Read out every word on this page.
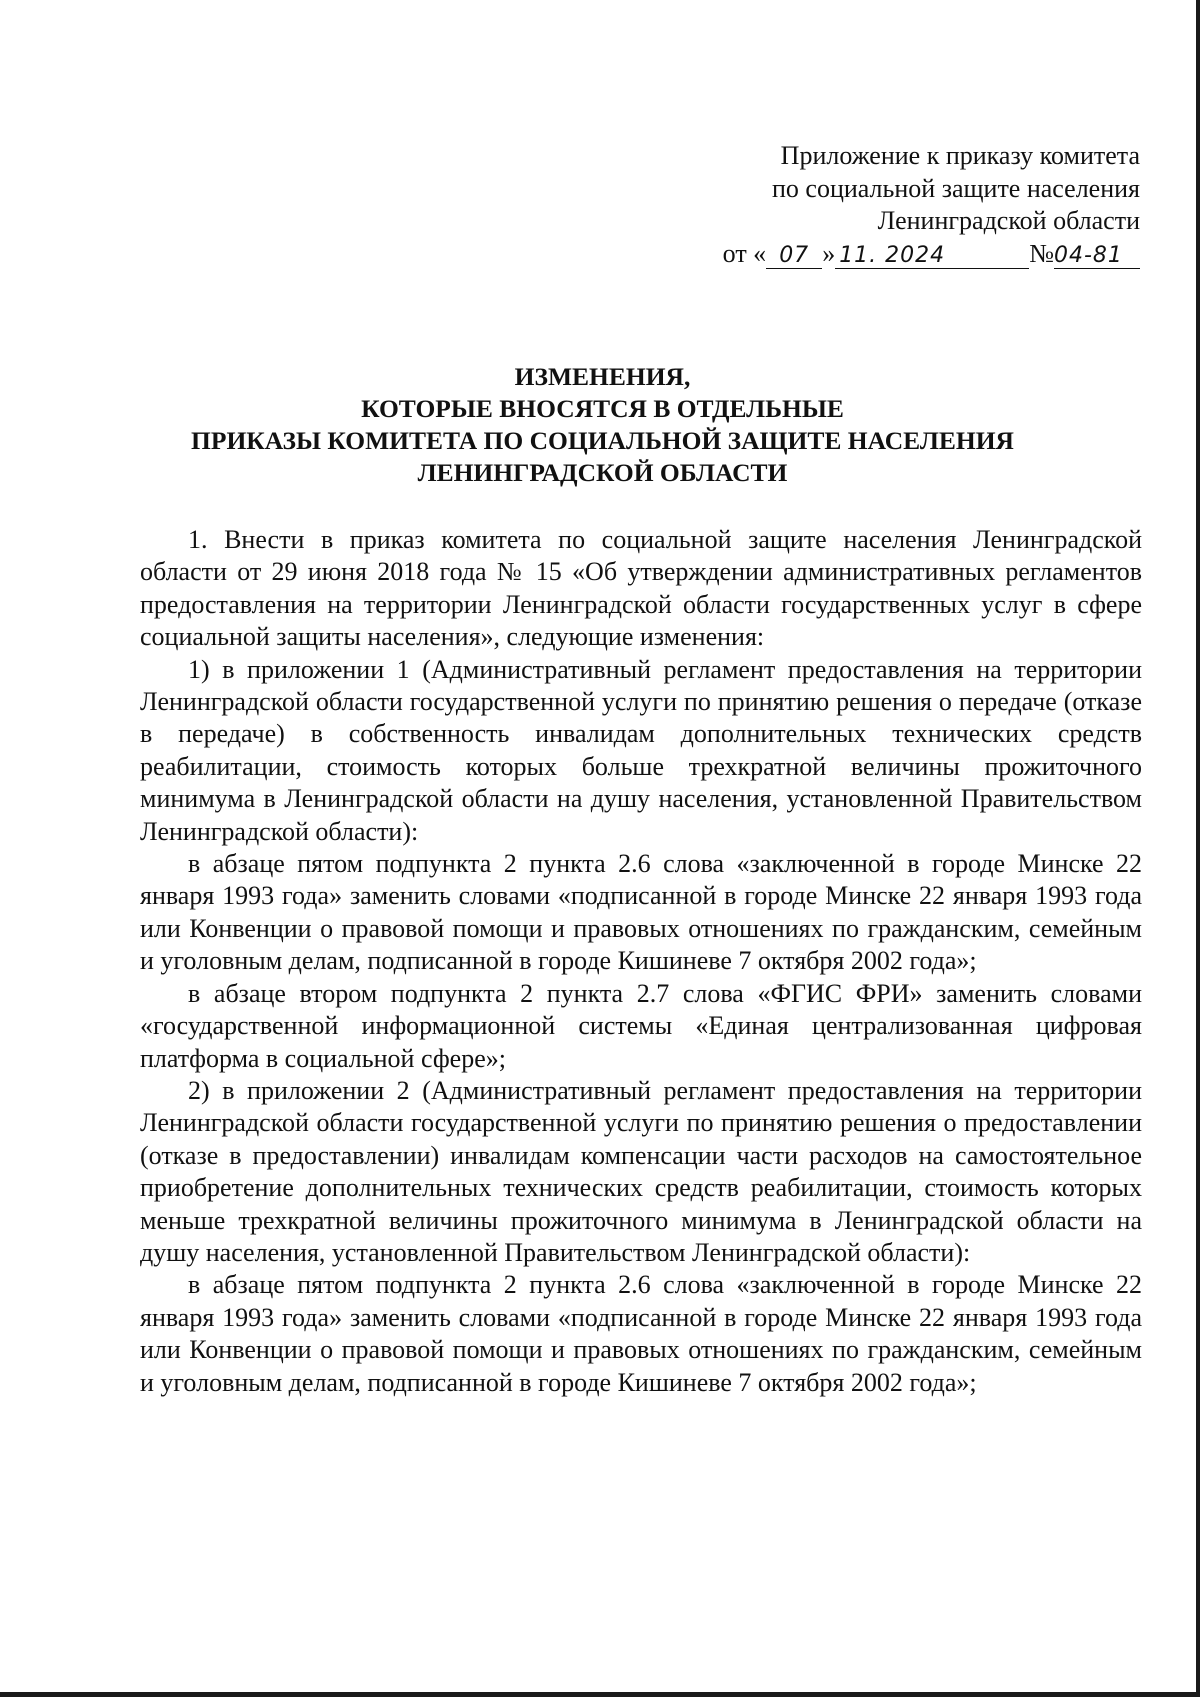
Приложение к приказу комитета
по социальной защите населения
Ленинградской области
от « 07 » 11. 2024	№04-81
ИЗМЕНЕНИЯ,
КОТОРЫЕ ВНОСЯТСЯ В ОТДЕЛЬНЫЕ
ПРИКАЗЫ КОМИТЕТА ПО СОЦИАЛЬНОЙ ЗАЩИТЕ НАСЕЛЕНИЯ
ЛЕНИНГРАДСКОЙ ОБЛАСТИ

1. Внести в приказ комитета по социальной защите населения Ленинградской области от 29 июня 2018 года № 15 «Об утверждении административных регламентов предоставления на территории Ленинградской области государственных услуг в сфере социальной защиты населения», следующие изменения:

1) в приложении 1 (Административный регламент предоставления на территории Ленинградской области государственной услуги по принятию решения о передаче (отказе в передаче) в собственность инвалидам дополнительных технических средств реабилитации, стоимость которых больше трехкратной величины прожиточного минимума в Ленинградской области на душу населения, установленной Правительством Ленинградской области):

в абзаце пятом подпункта 2 пункта 2.6 слова «заключенной в городе Минске 22 января 1993 года» заменить словами «подписанной в городе Минске 22 января 1993 года или Конвенции о правовой помощи и правовых отношениях по гражданским, семейным и уголовным делам, подписанной в городе Кишиневе 7 октября 2002 года»;

в абзаце втором подпункта 2 пункта 2.7 слова «ФГИС ФРИ» заменить словами «государственной информационной системы «Единая централизованная цифровая платформа в социальной сфере»;

2) в приложении 2 (Административный регламент предоставления на территории Ленинградской области государственной услуги по принятию решения о предоставлении (отказе в предоставлении) инвалидам компенсации части расходов на самостоятельное приобретение дополнительных технических средств реабилитации, стоимость которых меньше трехкратной величины прожиточного минимума в Ленинградской области на душу населения, установленной Правительством Ленинградской области):

в абзаце пятом подпункта 2 пункта 2.6 слова «заключенной в городе Минске 22 января 1993 года» заменить словами «подписанной в городе Минске 22 января 1993 года или Конвенции о правовой помощи и правовых отношениях по гражданским, семейным и уголовным делам, подписанной в городе Кишиневе 7 октября 2002 года»;
